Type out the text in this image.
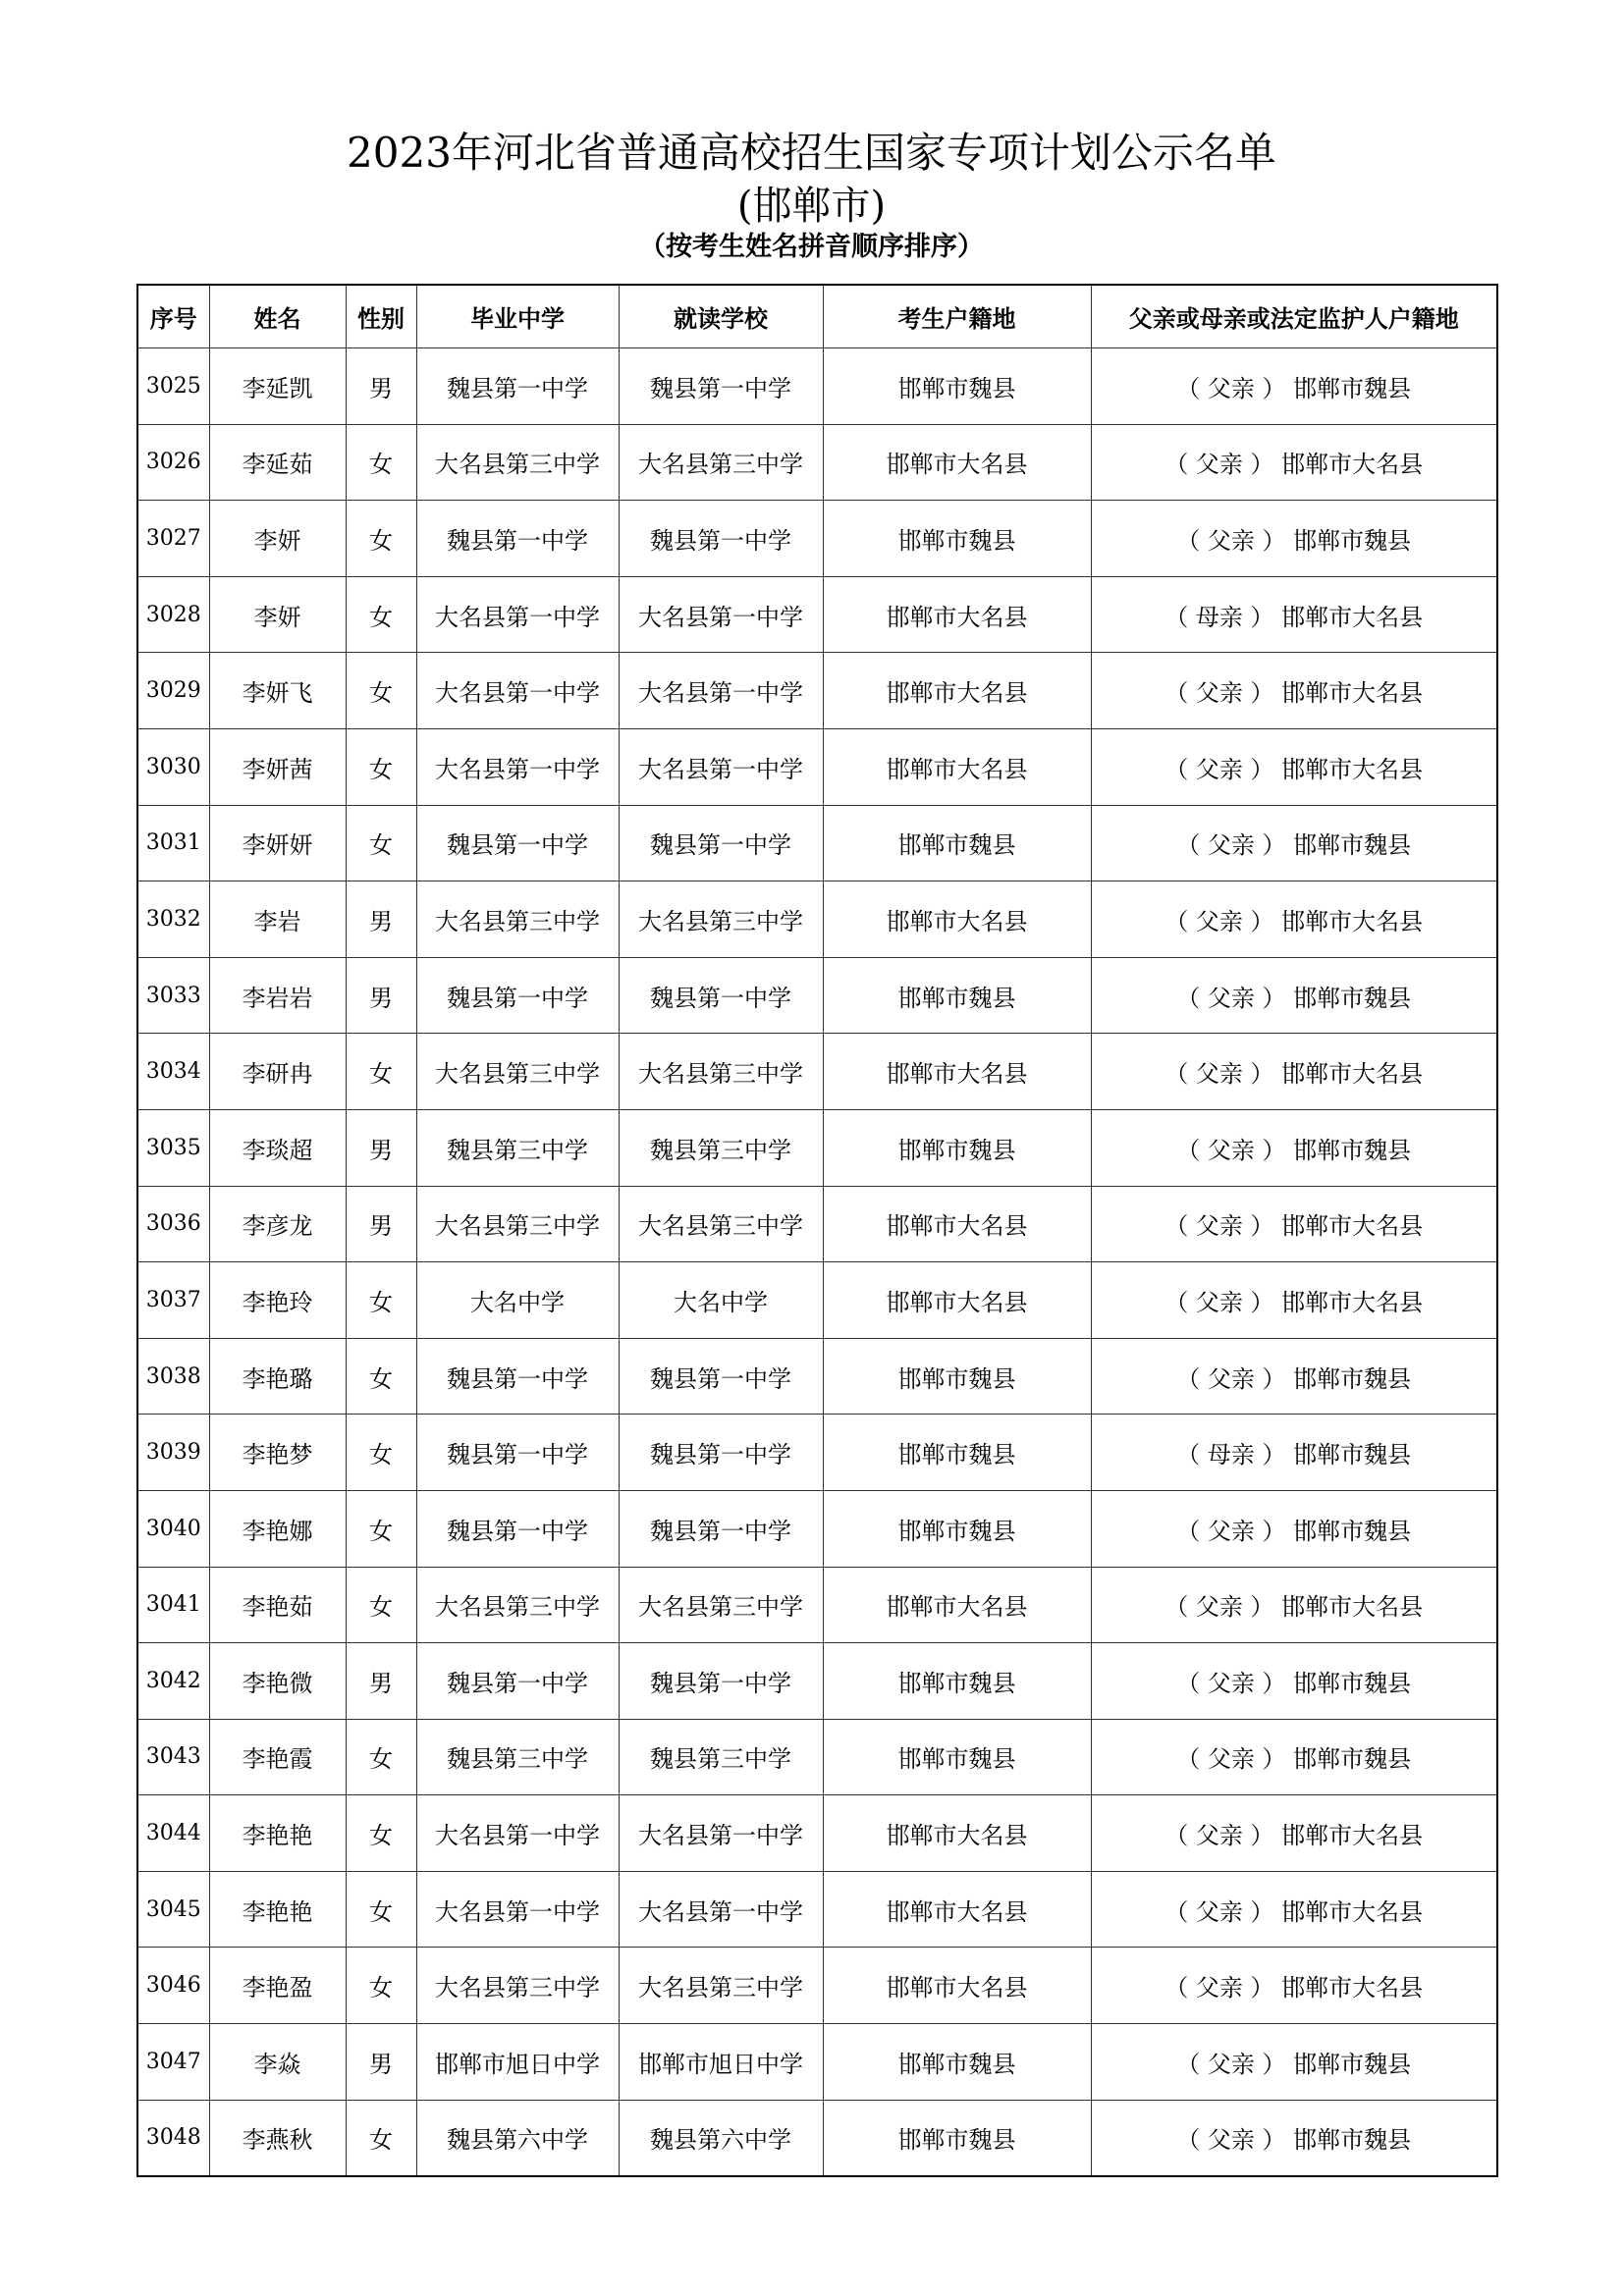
2023年河北省普通高校招生国家专项计划公示名单
(邯郸市)
（按考生姓名拼音顺序排序）
序号	姓名	性别	毕业中学	就读学校	考生户籍地	父亲或母亲或法定监护人户籍地
3025	李延凯	男	魏县第一中学	魏县第一中学	邯郸市魏县	（ 父亲 ） 邯郸市魏县
3026	李延茹	女	大名县第三中学	大名县第三中学	邯郸市大名县	（ 父亲 ） 邯郸市大名县
3027	李妍	女	魏县第一中学	魏县第一中学	邯郸市魏县	（ 父亲 ） 邯郸市魏县
3028	李妍	女	大名县第一中学	大名县第一中学	邯郸市大名县	（ 母亲 ） 邯郸市大名县
3029	李妍飞	女	大名县第一中学	大名县第一中学	邯郸市大名县	（ 父亲 ） 邯郸市大名县
3030	李妍茜	女	大名县第一中学	大名县第一中学	邯郸市大名县	（ 父亲 ） 邯郸市大名县
3031	李妍妍	女	魏县第一中学	魏县第一中学	邯郸市魏县	（ 父亲 ） 邯郸市魏县
3032	李岩	男	大名县第三中学	大名县第三中学	邯郸市大名县	（ 父亲 ） 邯郸市大名县
3033	李岩岩	男	魏县第一中学	魏县第一中学	邯郸市魏县	（ 父亲 ） 邯郸市魏县
3034	李研冉	女	大名县第三中学	大名县第三中学	邯郸市大名县	（ 父亲 ） 邯郸市大名县
3035	李琰超	男	魏县第三中学	魏县第三中学	邯郸市魏县	（ 父亲 ） 邯郸市魏县
3036	李彦龙	男	大名县第三中学	大名县第三中学	邯郸市大名县	（ 父亲 ） 邯郸市大名县
3037	李艳玲	女	大名中学	大名中学	邯郸市大名县	（ 父亲 ） 邯郸市大名县
3038	李艳璐	女	魏县第一中学	魏县第一中学	邯郸市魏县	（ 父亲 ） 邯郸市魏县
3039	李艳梦	女	魏县第一中学	魏县第一中学	邯郸市魏县	（ 母亲 ） 邯郸市魏县
3040	李艳娜	女	魏县第一中学	魏县第一中学	邯郸市魏县	（ 父亲 ） 邯郸市魏县
3041	李艳茹	女	大名县第三中学	大名县第三中学	邯郸市大名县	（ 父亲 ） 邯郸市大名县
3042	李艳微	男	魏县第一中学	魏县第一中学	邯郸市魏县	（ 父亲 ） 邯郸市魏县
3043	李艳霞	女	魏县第三中学	魏县第三中学	邯郸市魏县	（ 父亲 ） 邯郸市魏县
3044	李艳艳	女	大名县第一中学	大名县第一中学	邯郸市大名县	（ 父亲 ） 邯郸市大名县
3045	李艳艳	女	大名县第一中学	大名县第一中学	邯郸市大名县	（ 父亲 ） 邯郸市大名县
3046	李艳盈	女	大名县第三中学	大名县第三中学	邯郸市大名县	（ 父亲 ） 邯郸市大名县
3047	李焱	男	邯郸市旭日中学	邯郸市旭日中学	邯郸市魏县	（ 父亲 ） 邯郸市魏县
3048	李燕秋	女	魏县第六中学	魏县第六中学	邯郸市魏县	（ 父亲 ） 邯郸市魏县
